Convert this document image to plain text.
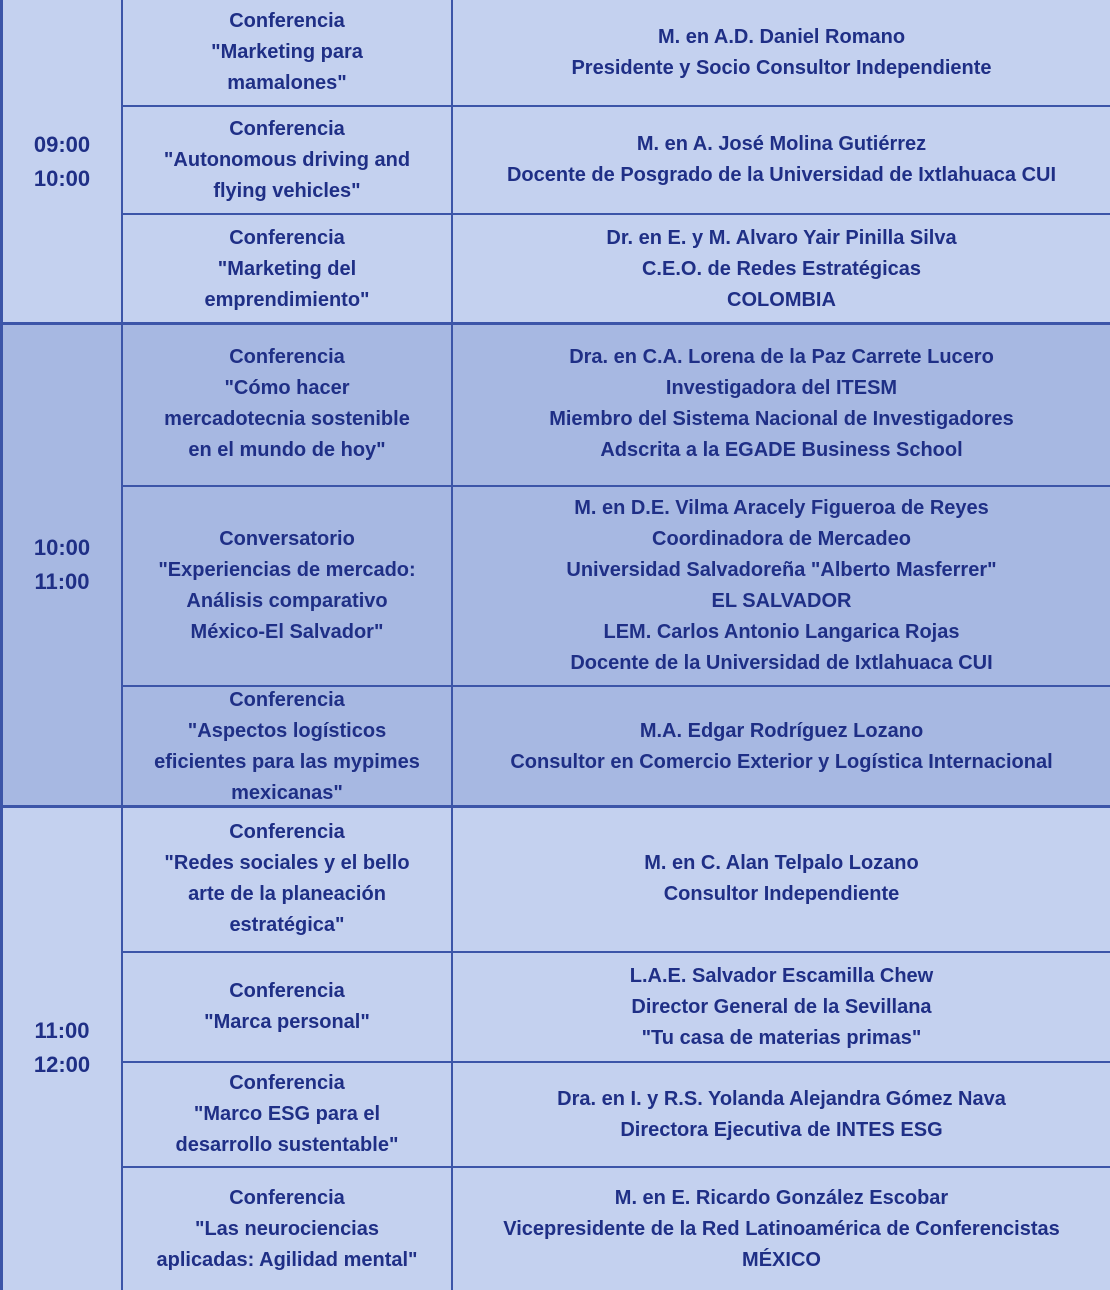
09:00
10:00
Conferencia
"Marketing para
mamalones"
M. en A.D. Daniel Romano
Presidente y Socio Consultor Independiente
Conferencia
"Autonomous driving and
flying vehicles"
M. en A. José Molina Gutiérrez
Docente de Posgrado de la Universidad de Ixtlahuaca CUI
Conferencia
"Marketing del
emprendimiento"
Dr. en E. y M. Alvaro Yair Pinilla Silva
C.E.O. de Redes Estratégicas
COLOMBIA
10:00
11:00
Conferencia
"Cómo hacer
mercadotecnia sostenible
en el mundo de hoy"
Dra. en C.A. Lorena de la Paz Carrete Lucero
Investigadora del ITESM
Miembro del Sistema Nacional de Investigadores
Adscrita a la EGADE Business School
Conversatorio
"Experiencias de mercado:
Análisis comparativo
México-El Salvador"
M. en D.E. Vilma Aracely Figueroa de Reyes
Coordinadora de Mercadeo
Universidad Salvadoreña "Alberto Masferrer"
EL SALVADOR
LEM. Carlos Antonio Langarica Rojas
Docente de la Universidad de Ixtlahuaca CUI
Conferencia
"Aspectos logísticos
eficientes para las mypimes
mexicanas"
M.A. Edgar Rodríguez Lozano
Consultor en Comercio Exterior y Logística Internacional
11:00
12:00
Conferencia
"Redes sociales y el bello
arte de la planeación
estratégica"
M. en C. Alan Telpalo Lozano
Consultor Independiente
Conferencia
"Marca personal"
L.A.E. Salvador Escamilla Chew
Director General de la Sevillana
"Tu casa de materias primas"
Conferencia
"Marco ESG para el
desarrollo sustentable"
Dra. en I. y R.S. Yolanda Alejandra Gómez Nava
Directora Ejecutiva de INTES ESG
Conferencia
"Las neurociencias
aplicadas: Agilidad mental"
M. en E. Ricardo González Escobar
Vicepresidente de la Red Latinoamérica de Conferencistas
MÉXICO
